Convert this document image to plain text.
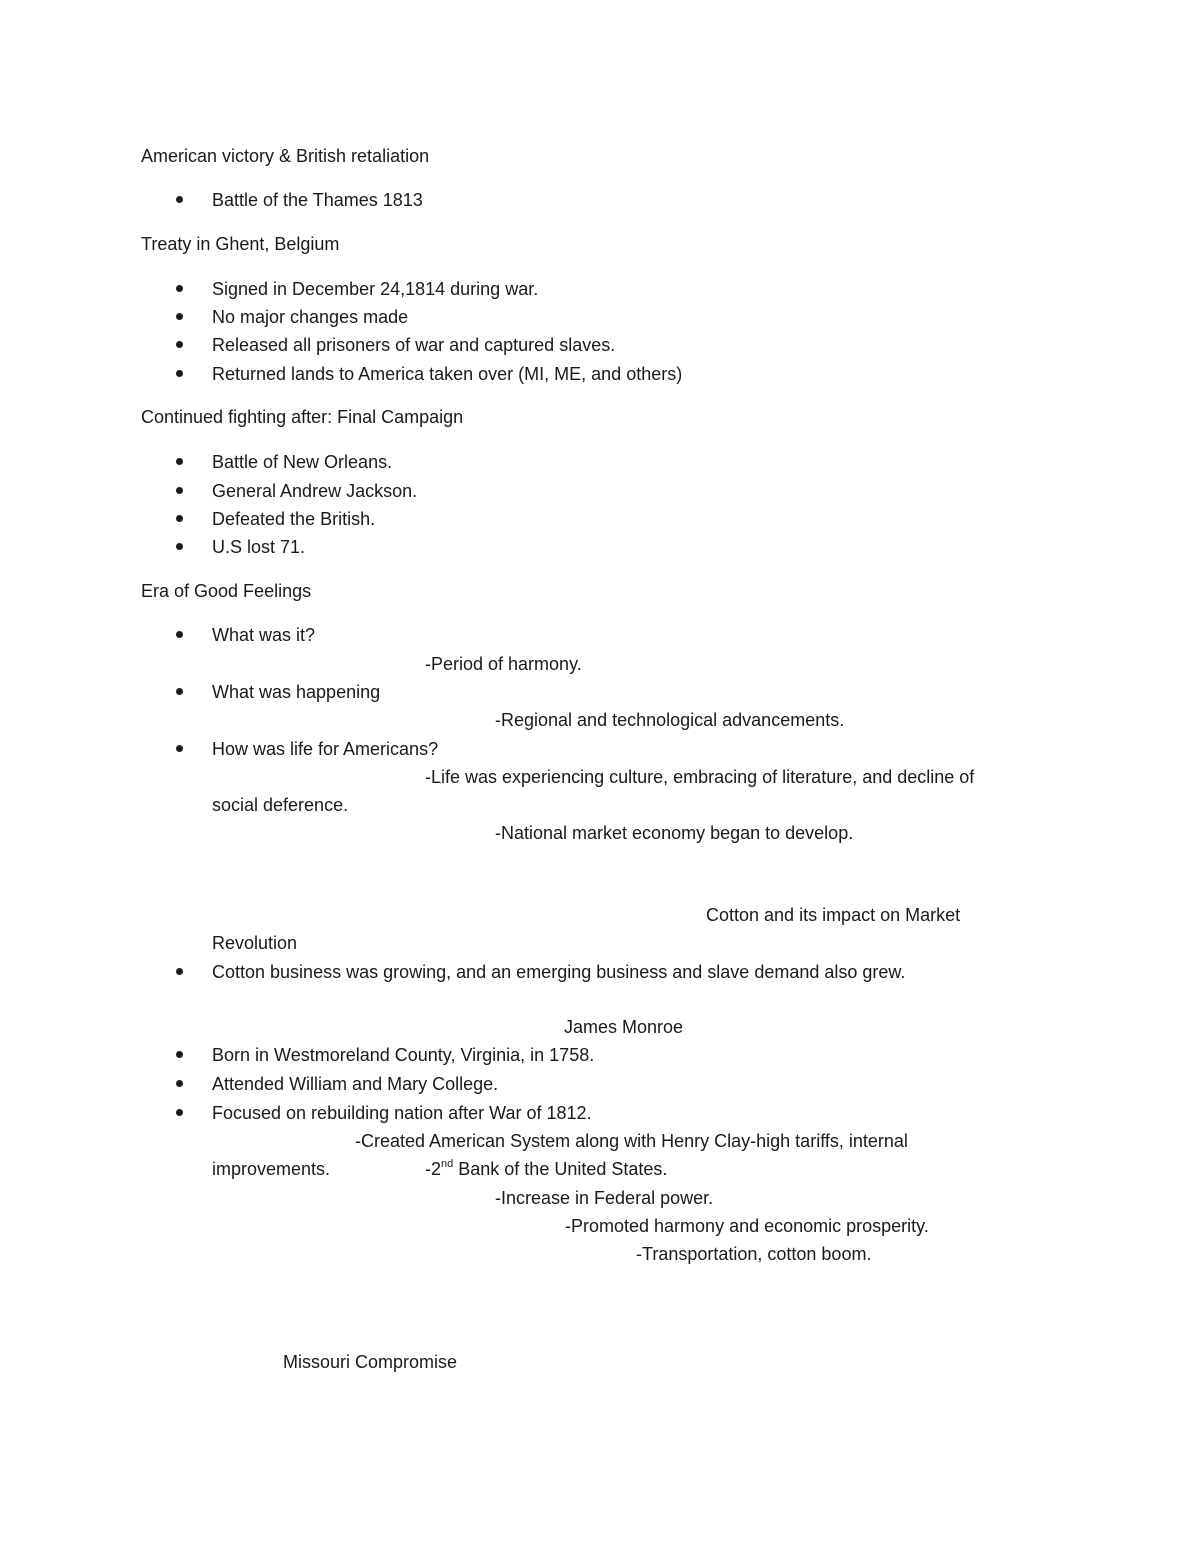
American victory & British retaliation
Battle of the Thames 1813
Treaty in Ghent, Belgium
Signed in December 24,1814 during war.
No major changes made
Released all prisoners of war and captured slaves.
Returned lands to America taken over (MI, ME, and others)
Continued fighting after: Final Campaign
Battle of New Orleans.
General Andrew Jackson.
Defeated the British.
U.S lost 71.
Era of Good Feelings
What was it?
-Period of harmony.
What was happening
-Regional and technological advancements.
How was life for Americans?
-Life was experiencing culture, embracing of literature, and decline of
social deference.
-National market economy began to develop.
Cotton and its impact on Market
Revolution
Cotton business was growing, and an emerging business and slave demand also grew.
James Monroe
Born in Westmoreland County, Virginia, in 1758.
Attended William and Mary College.
Focused on rebuilding nation after War of 1812.
-Created American System along with Henry Clay-high tariffs, internal
improvements.	-2nd Bank of the United States.
-Increase in Federal power.
-Promoted harmony and economic prosperity.
-Transportation, cotton boom.
Missouri Compromise
